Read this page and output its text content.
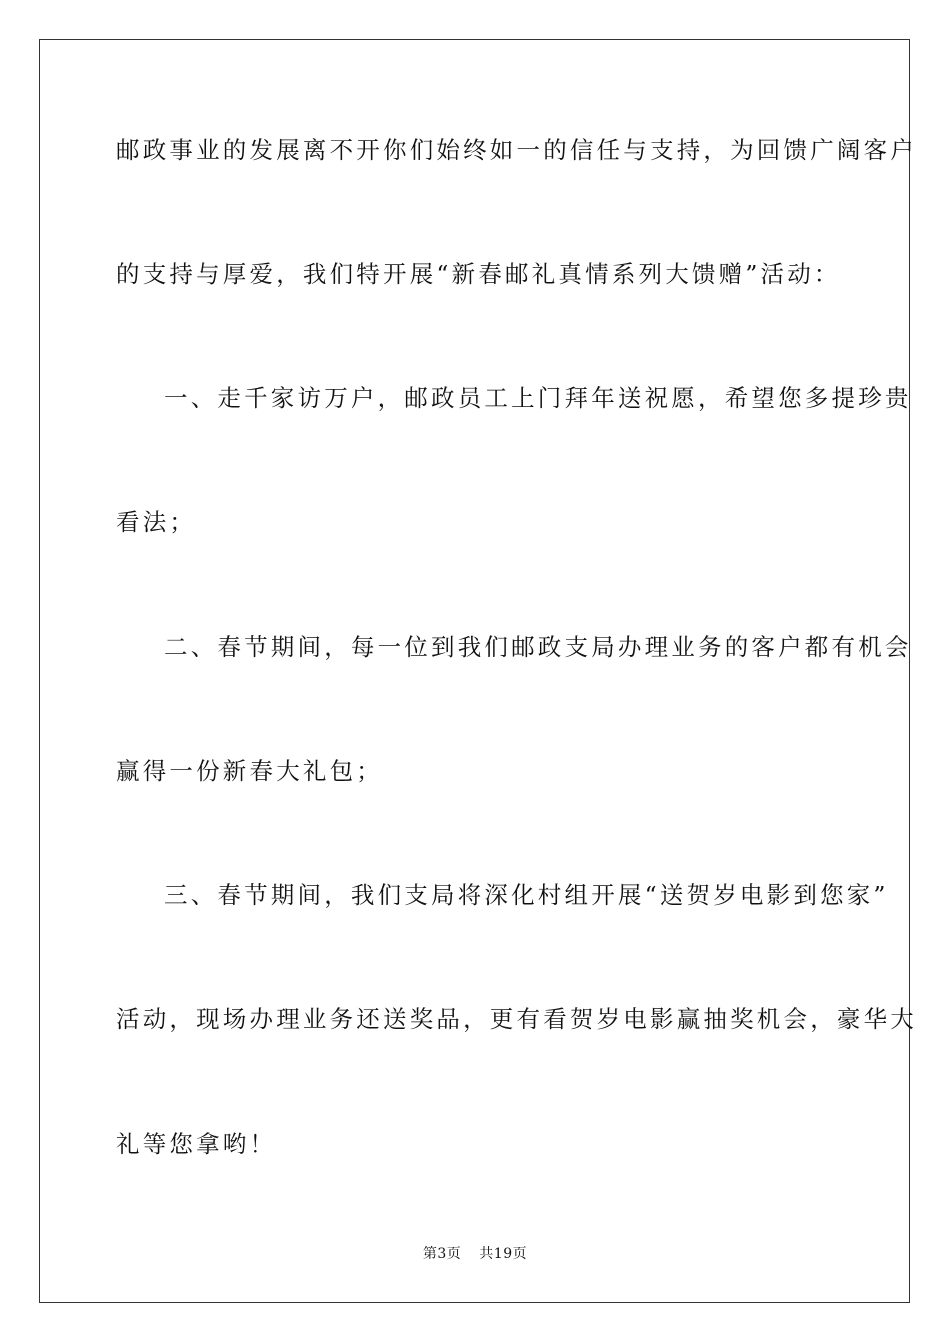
邮政事业的发展离不开你们始终如一的信任与支持，为回馈广阔客户
的支持与厚爱，我们特开展“新春邮礼真情系列大馈赠”活动：
一、走千家访万户，邮政员工上门拜年送祝愿，希望您多提珍贵
看法；
二、春节期间，每一位到我们邮政支局办理业务的客户都有机会
赢得一份新春大礼包；
三、春节期间，我们支局将深化村组开展“送贺岁电影到您家”
活动，现场办理业务还送奖品，更有看贺岁电影赢抽奖机会，豪华大
礼等您拿哟！
第3页 共19页
